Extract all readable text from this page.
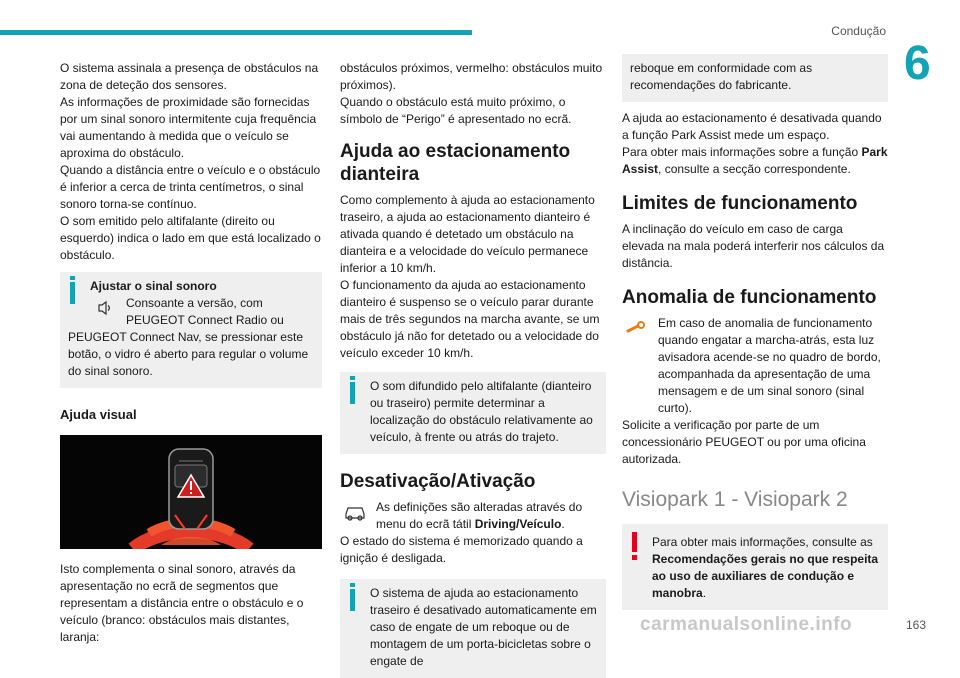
Condução
6

O sistema assinala a presença de obstáculos na zona de deteção dos sensores.

As informações de proximidade são fornecidas por um sinal sonoro intermitente cuja frequência vai aumentando à medida que o veículo se aproxima do obstáculo.

Quando a distância entre o veículo e o obstáculo é inferior a cerca de trinta centímetros, o sinal sonoro torna-se contínuo.

O som emitido pelo altifalante (direito ou esquerdo) indica o lado em que está localizado o obstáculo.

Ajustar o sinal sonoro

Consoante a versão, com PEUGEOT Connect Radio ou

PEUGEOT Connect Nav, se pressionar este botão, o vidro é aberto para regular o volume do sinal sonoro.

Ajuda visual

Isto complementa o sinal sonoro, através da apresentação no ecrã de segmentos que representam a distância entre o obstáculo e o veículo (branco: obstáculos mais distantes, laranja:

obstáculos próximos, vermelho: obstáculos muito próximos).

Quando o obstáculo está muito próximo, o símbolo de “Perigo” é apresentado no ecrã.

Ajuda ao estacionamento dianteira

Como complemento à ajuda ao estacionamento traseiro, a ajuda ao estacionamento dianteiro é ativada quando é detetado um obstáculo na dianteira e a velocidade do veículo permanece inferior a 10 km/h.

O funcionamento da ajuda ao estacionamento dianteiro é suspenso se o veículo parar durante mais de três segundos na marcha avante, se um obstáculo já não for detetado ou a velocidade do veículo exceder 10 km/h.

O som difundido pelo altifalante (dianteiro ou traseiro) permite determinar a localização do obstáculo relativamente ao veículo, à frente ou atrás do trajeto.

Desativação/Ativação

As definições são alteradas através do menu do ecrã tátil Driving/Veículo.

O estado do sistema é memorizado quando a ignição é desligada.

O sistema de ajuda ao estacionamento traseiro é desativado automaticamente em caso de engate de um reboque ou de montagem de um porta-bicicletas sobre o engate de

reboque em conformidade com as recomendações do fabricante.

A ajuda ao estacionamento é desativada quando a função Park Assist mede um espaço.

Para obter mais informações sobre a função Park Assist, consulte a secção correspondente.

Limites de funcionamento

A inclinação do veículo em caso de carga elevada na mala poderá interferir nos cálculos da distância.

Anomalia de funcionamento

Em caso de anomalia de funcionamento quando engatar a marcha-atrás, esta luz avisadora acende-se no quadro de bordo, acompanhada da apresentação de uma mensagem e de um sinal sonoro (sinal curto).

Solicite a verificação por parte de um concessionário PEUGEOT ou por uma oficina autorizada.

Visiopark 1 - Visiopark 2

Para obter mais informações, consulte as Recomendações gerais no que respeita ao uso de auxiliares de condução e manobra.

carmanualsonline.info	163
